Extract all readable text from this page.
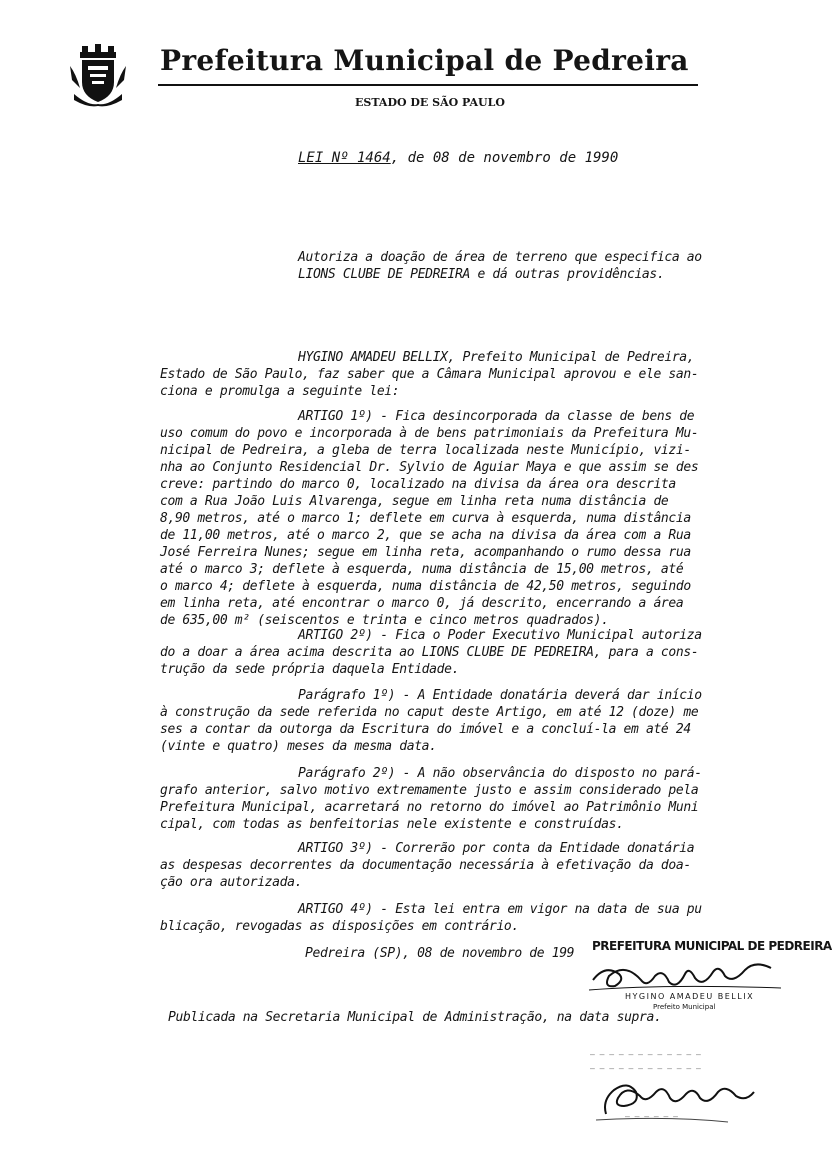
Prefeitura Municipal de Pedreira
ESTADO DE SÃO PAULO
LEI Nº 1464, de 08 de novembro de 1990
Autoriza a doação de área de terreno que especifica ao
LIONS CLUBE DE PEDREIRA e dá outras providências.
HYGINO AMADEU BELLIX, Prefeito Municipal de Pedreira,
Estado de São Paulo, faz saber que a Câmara Municipal aprovou e ele san-
ciona e promulga a seguinte lei:
ARTIGO 1º) - Fica desincorporada da classe de bens de
uso comum do povo e incorporada à de bens patrimoniais da Prefeitura Mu-
nicipal de Pedreira, a gleba de terra localizada neste Município, vizi-
nha ao Conjunto Residencial Dr. Sylvio de Aguiar Maya e que assim se des
creve: partindo do marco 0, localizado na divisa da área ora descrita
com a Rua João Luis Alvarenga, segue em linha reta numa distância de
8,90 metros, até o marco 1; deflete em curva à esquerda, numa distância
de 11,00 metros, até o marco 2, que se acha na divisa da área com a Rua
José Ferreira Nunes; segue em linha reta, acompanhando o rumo dessa rua
até o marco 3; deflete à esquerda, numa distância de 15,00 metros, até
o marco 4; deflete à esquerda, numa distância de 42,50 metros, seguindo
em linha reta, até encontrar o marco 0, já descrito, encerrando a área
de 635,00 m² (seiscentos e trinta e cinco metros quadrados).
ARTIGO 2º) - Fica o Poder Executivo Municipal autoriza
do a doar a área acima descrita ao LIONS CLUBE DE PEDREIRA, para a cons-
trução da sede própria daquela Entidade.
Parágrafo 1º) - A Entidade donatária deverá dar início
à construção da sede referida no caput deste Artigo, em até 12 (doze) me
ses a contar da outorga da Escritura do imóvel e a concluí-la em até 24
(vinte e quatro) meses da mesma data.
Parágrafo 2º) - A não observância do disposto no pará-
grafo anterior, salvo motivo extremamente justo e assim considerado pela
Prefeitura Municipal, acarretará no retorno do imóvel ao Patrimônio Muni
cipal, com todas as benfeitorias nele existente e construídas.
ARTIGO 3º) - Correrão por conta da Entidade donatária
as despesas decorrentes da documentação necessária à efetivação da doa-
ção ora autorizada.
ARTIGO 4º) - Esta lei entra em vigor na data de sua pu
blicação, revogadas as disposições em contrário.
Pedreira (SP), 08 de novembro de 199 PREFEITURA MUNICIPAL DE PEDREIRA
HYGINO AMADEU BELLIX
Prefeito Municipal
Publicada na Secretaria Municipal de Administração, na data supra.
— — — — — — — — — — — —
— — — — — — — — — — — —
— — — — — —
